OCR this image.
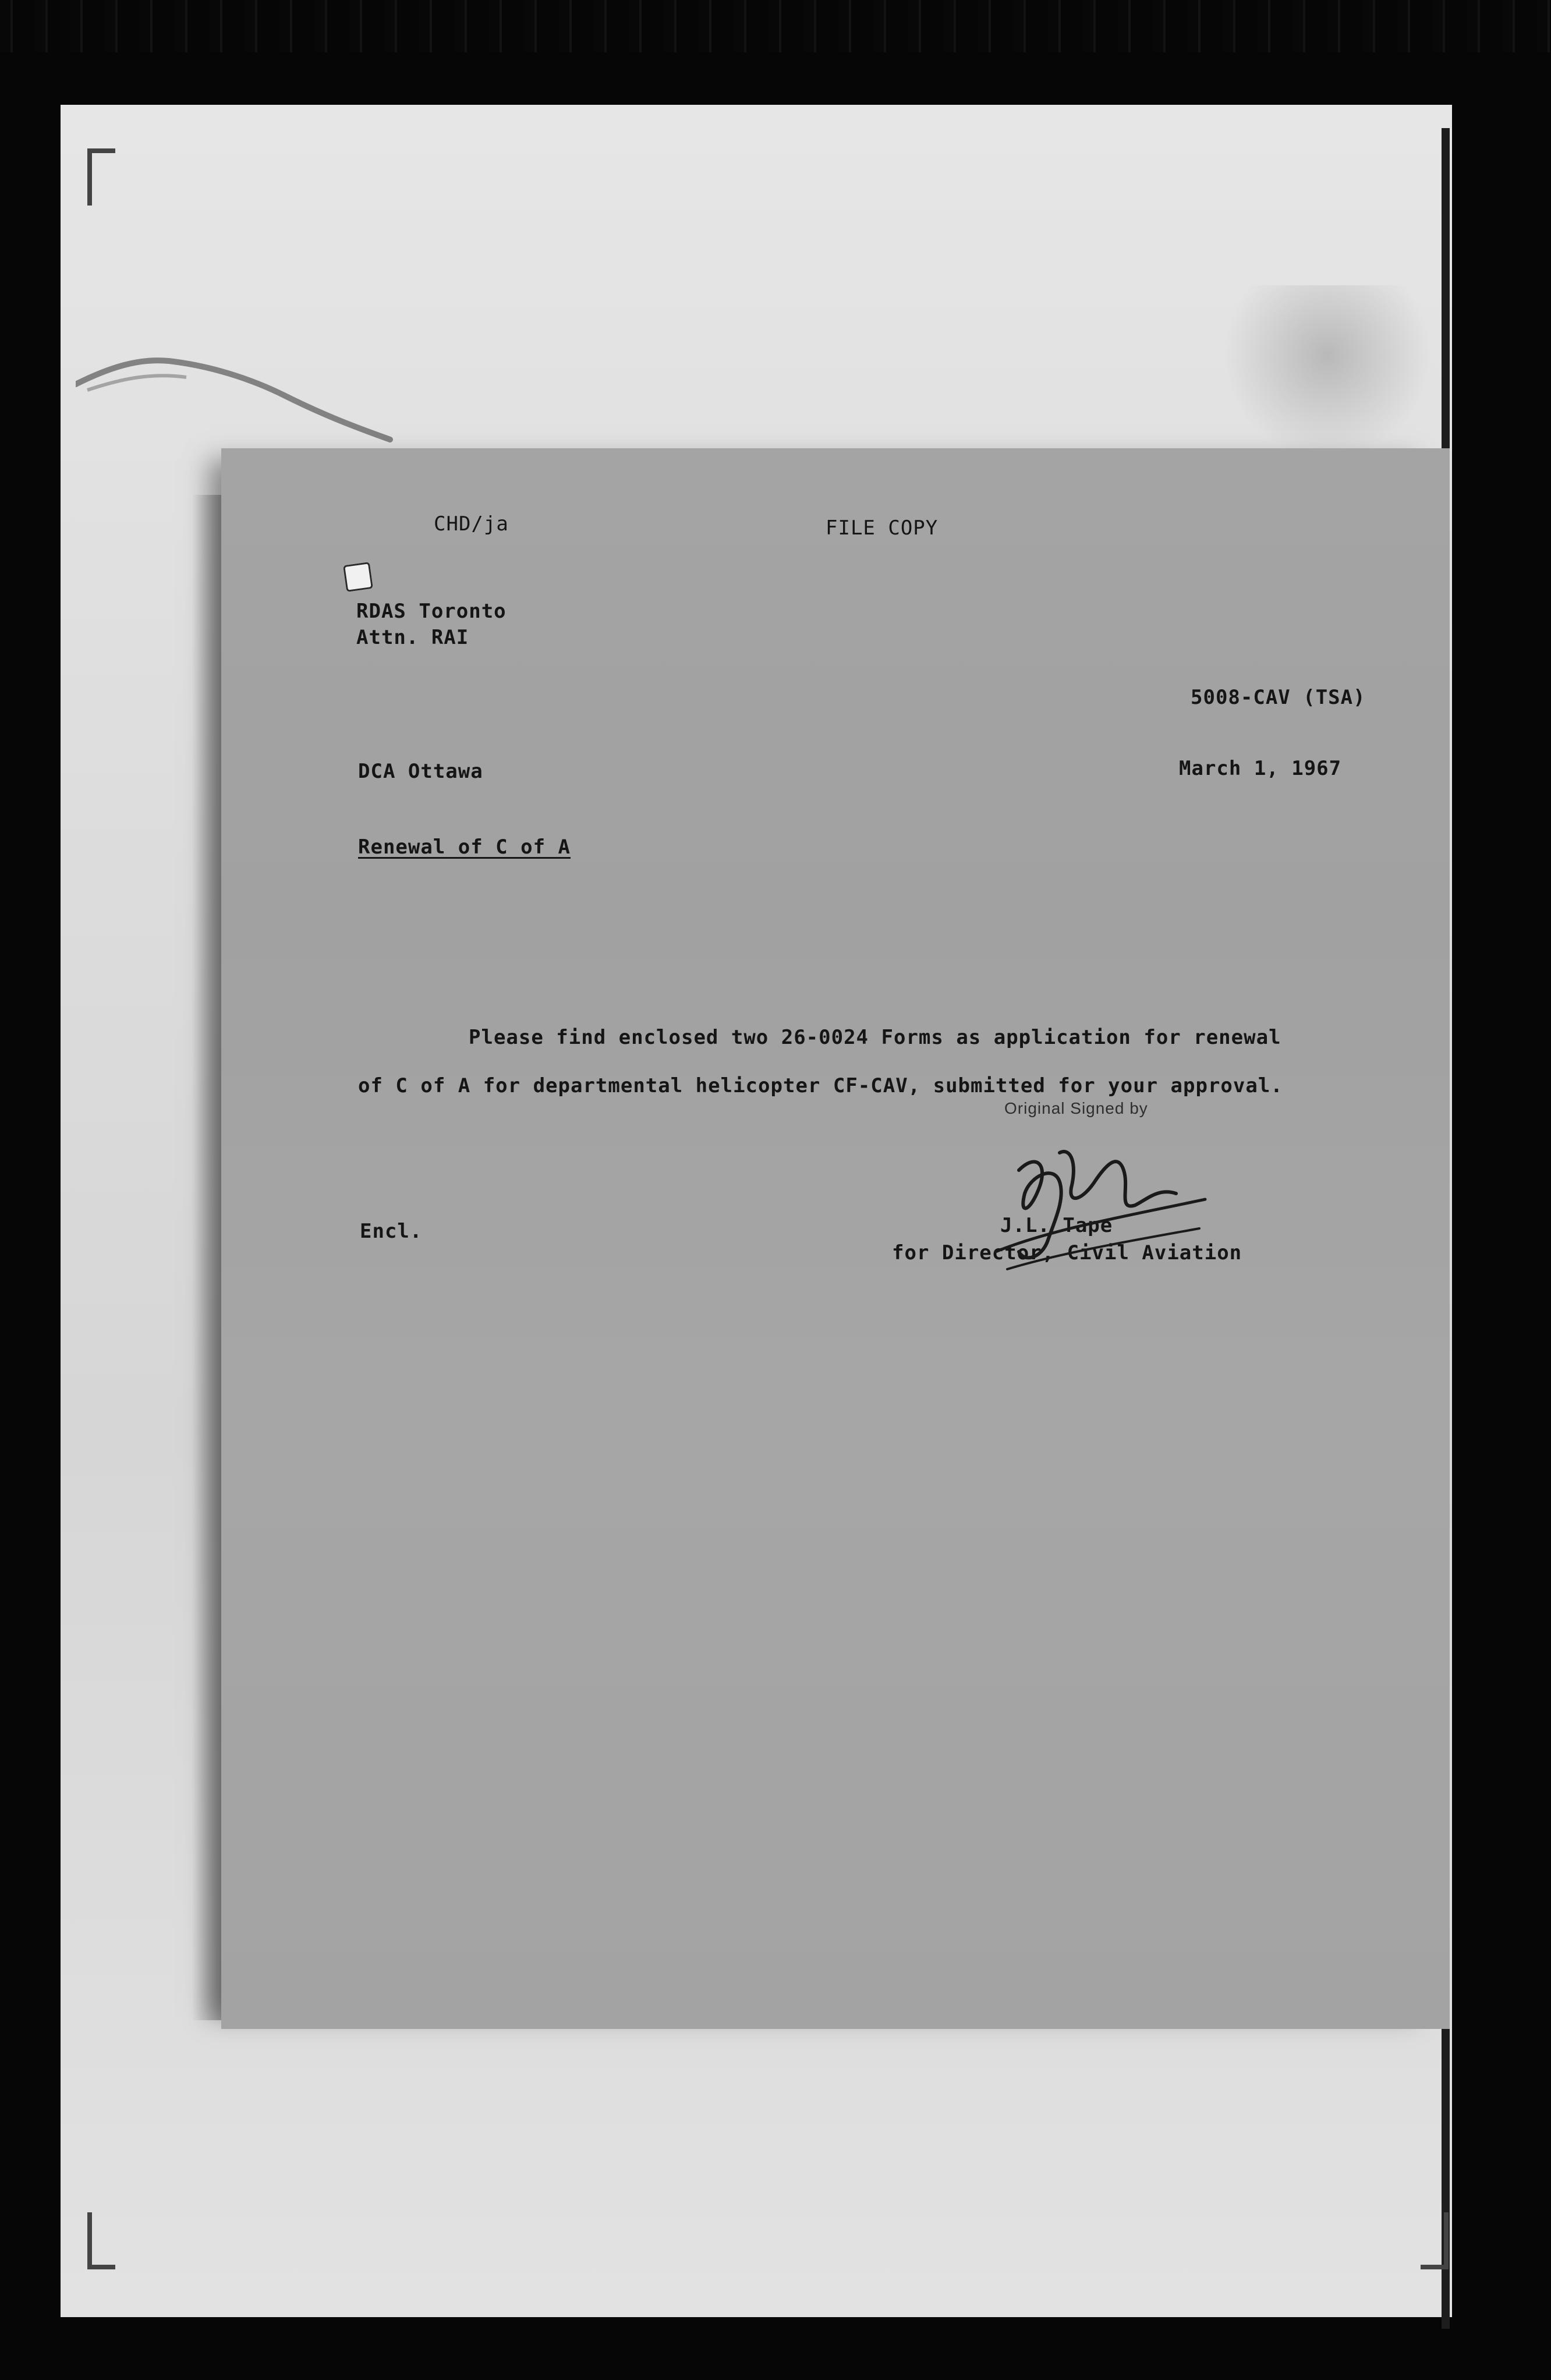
CHD/ja	FILE COPY
RDAS Toronto
Attn. RAI
5008-CAV (TSA)
DCA Ottawa	March 1, 1967
Renewal of C of A
Please find enclosed two 26-0024 Forms as application for renewal
of C of A for departmental helicopter CF-CAV, submitted for your approval.
Original Signed by
Encl.	J.L. Tape
for Director, Civil Aviation
